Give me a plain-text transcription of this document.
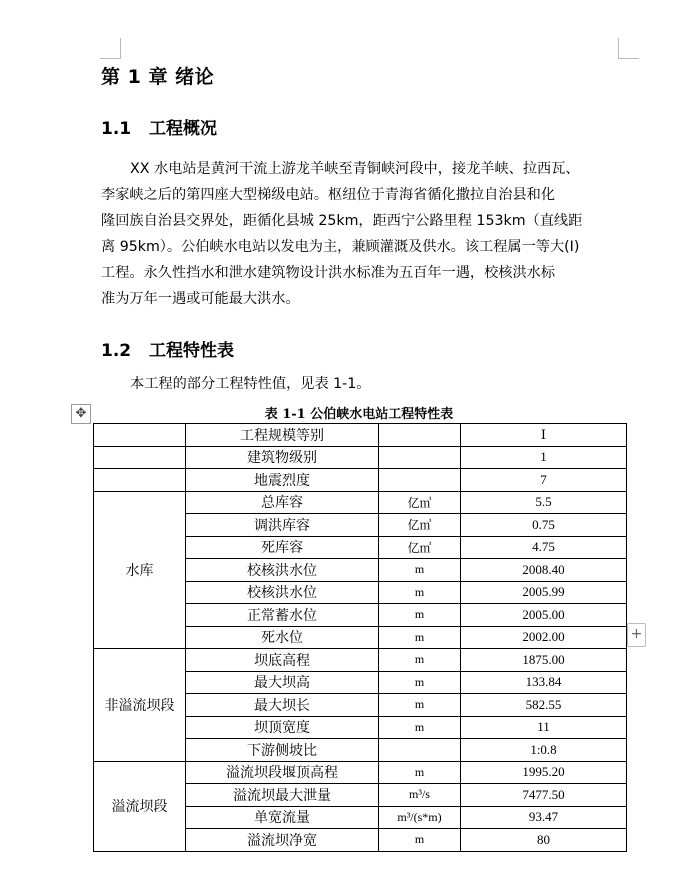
第 1 章 绪论
1.1 工程概况
XX 水电站是黄河干流上游龙羊峡至青铜峡河段中，接龙羊峡、拉西瓦、
李家峡之后的第四座大型梯级电站。枢纽位于青海省循化撒拉自治县和化
隆回族自治县交界处，距循化县城 25km，距西宁公路里程 153km（直线距
离 95km）。公伯峡水电站以发电为主，兼顾灌溉及供水。该工程属一等大(Ⅰ)
工程。永久性挡水和泄水建筑物设计洪水标准为五百年一遇，校核洪水标
准为万年一遇或可能最大洪水。
1.2 工程特性表
本工程的部分工程特性值，见表 1-1。
✥	表 1-1 公伯峡水电站工程特性表
	工程规模等别		Ⅰ
	建筑物级别		1
	地震烈度		7
水库	总库容	亿㎥	5.5
	调洪库容	亿㎥	0.75
	死库容	亿㎥	4.75
	校核洪水位	m	2008.40
	校核洪水位	m	2005.99
	正常蓄水位	m	2005.00
	死水位	m	2002.00
非溢流坝段	坝底高程	m	1875.00
	最大坝高	m	133.84
	最大坝长	m	582.55
	坝顶宽度	m	11
	下游侧坡比		1:0.8
溢流坝段	溢流坝段堰顶高程	m	1995.20
	溢流坝最大泄量	m³/s	7477.50
	单宽流量	m³/(s*m)	93.47
	溢流坝净宽	m	80
+
